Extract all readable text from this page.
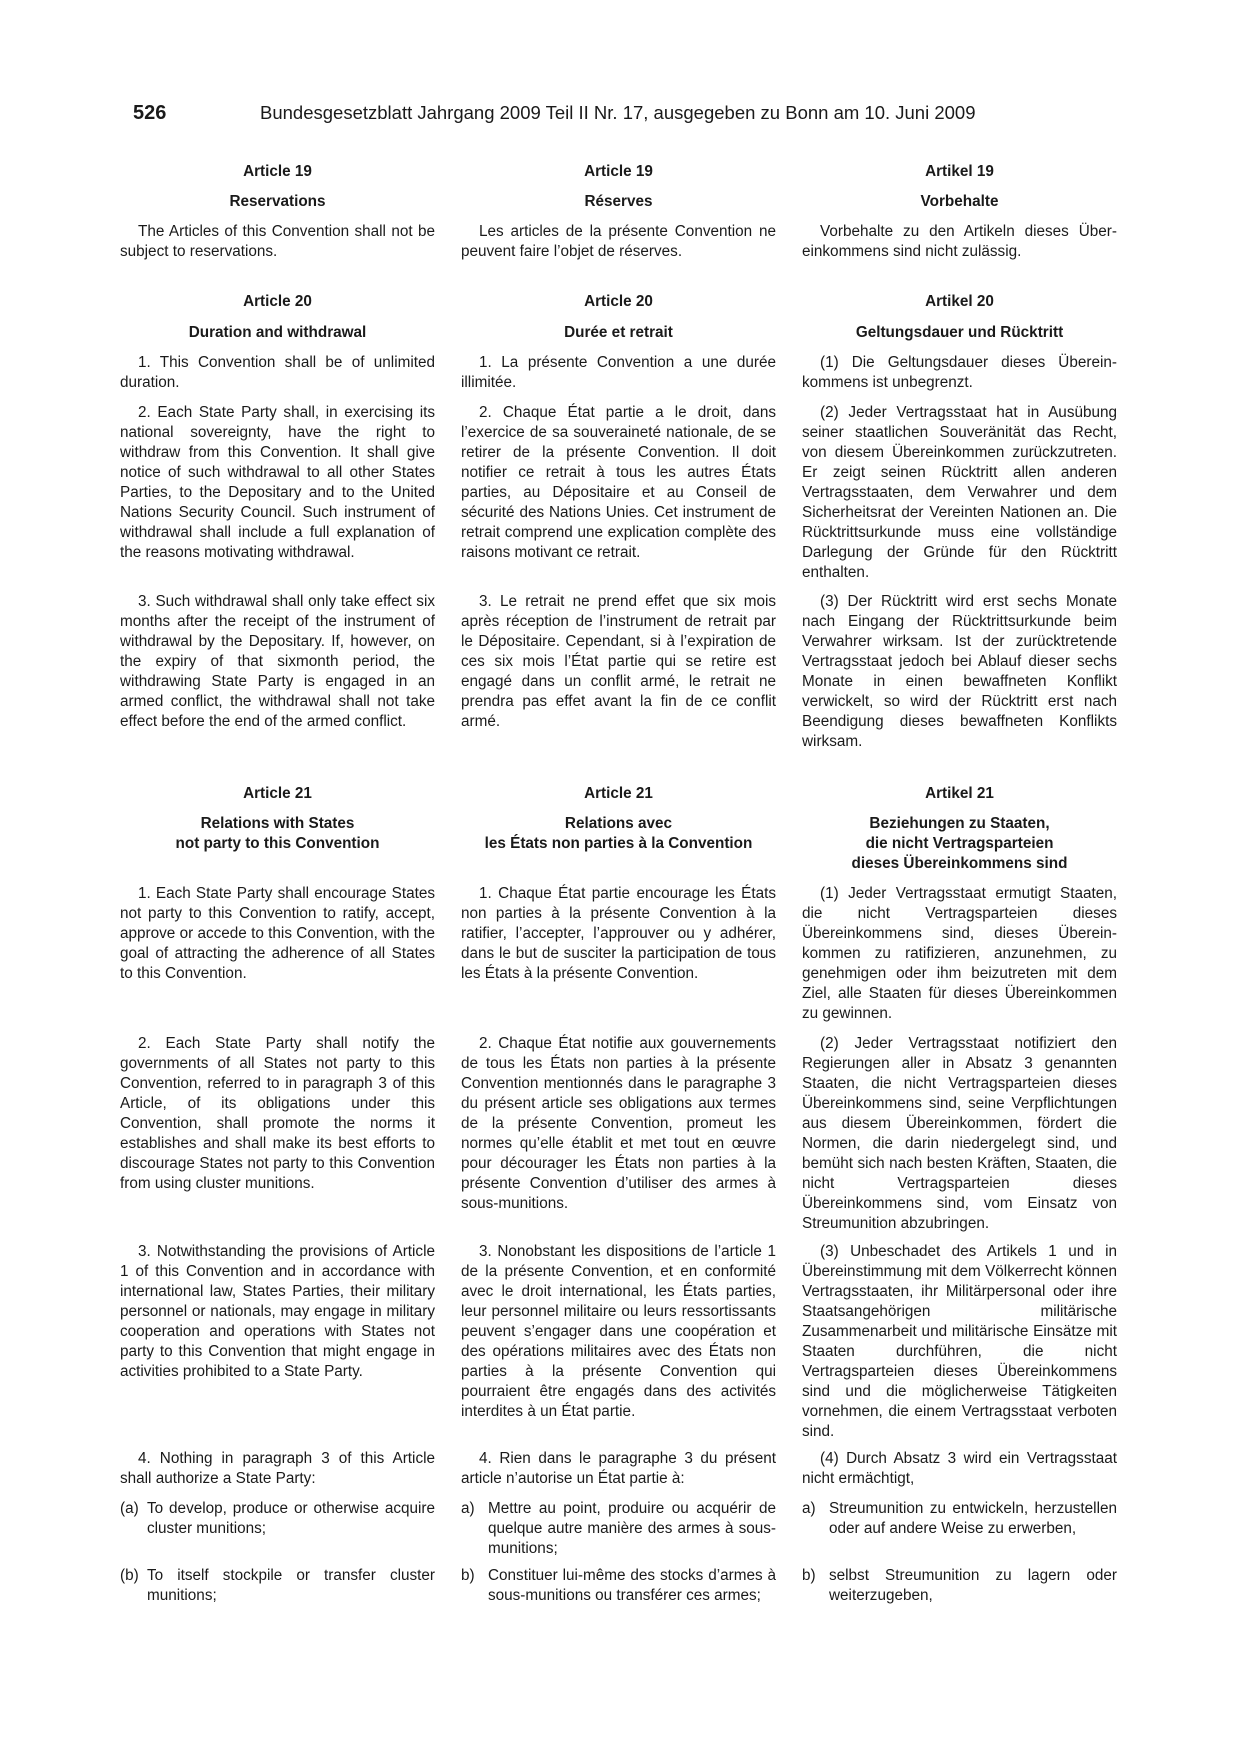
526	Bundesgesetzblatt Jahrgang 2009 Teil II Nr. 17, ausgegeben zu Bonn am 10. Juni 2009

Article 19

Reservations

The Articles of this Convention shall not be subject to reservations.

Article 20

Duration and withdrawal

1. This Convention shall be of unlimited duration.

2. Each State Party shall, in exercising its national sovereignty, have the right to withdraw from this Convention. It shall give notice of such withdrawal to all other States Parties, to the Depositary and to the United Nations Security Council. Such instrument of withdrawal shall include a full explanation of the reasons motivating withdrawal.

3. Such withdrawal shall only take effect six months after the receipt of the instrument of withdrawal by the Depositary. If, however, on the expiry of that sixmonth period, the withdrawing State Party is engaged in an armed conflict, the withdrawal shall not take effect before the end of the armed conflict.

Article 21

Relations with States

not party to this Convention

1. Each State Party shall encourage States not party to this Convention to ratify, accept, approve or accede to this Convention, with the goal of attracting the adherence of all States to this Convention.

2. Each State Party shall notify the governments of all States not party to this Convention, referred to in paragraph 3 of this Article, of its obligations under this Convention, shall promote the norms it establishes and shall make its best efforts to discourage States not party to this Convention from using cluster munitions.

3. Notwithstanding the provisions of Article 1 of this Convention and in accordance with international law, States Parties, their military personnel or nationals, may engage in military cooperation and operations with States not party to this Convention that might engage in activities prohibited to a State Party.

4. Nothing in paragraph 3 of this Article shall authorize a State Party:

(a) To develop, produce or otherwise acquire cluster munitions;
(b) To itself stockpile or transfer cluster munitions;

Article 19

Réserves

Les articles de la présente Convention ne peuvent faire l’objet de réserves.

Article 20

Durée et retrait

1. La présente Convention a une durée illimitée.

2. Chaque État partie a le droit, dans l’exercice de sa souveraineté nationale, de se retirer de la présente Convention. Il doit notifier ce retrait à tous les autres États parties, au Dépositaire et au Conseil de sécurité des Nations Unies. Cet instrument de retrait comprend une explication complète des raisons motivant ce retrait.

3. Le retrait ne prend effet que six mois après réception de l’instrument de retrait par le Dépositaire. Cependant, si à l’expiration de ces six mois l’État partie qui se retire est engagé dans un conflit armé, le retrait ne prendra pas effet avant la fin de ce conflit armé.

Article 21

Relations avec

les États non parties à la Convention

1. Chaque État partie encourage les États non parties à la présente Convention à la ratifier, l’accepter, l’approuver ou y adhérer, dans le but de susciter la participation de tous les États à la présente Convention.

2. Chaque État notifie aux gouvernements de tous les États non parties à la présente Convention mentionnés dans le paragraphe 3 du présent article ses obligations aux termes de la présente Convention, promeut les normes qu’elle établit et met tout en œuvre pour décourager les États non parties à la présente Convention d’utiliser des armes à sous-munitions.

3. Nonobstant les dispositions de l’article 1 de la présente Convention, et en conformité avec le droit international, les États parties, leur personnel militaire ou leurs ressortissants peuvent s’engager dans une coopération et des opérations militaires avec des États non parties à la présente Convention qui pourraient être engagés dans des activités interdites à un État partie.

4. Rien dans le paragraphe 3 du présent article n’autorise un État partie à:

a) Mettre au point, produire ou acquérir de quelque autre manière des armes à sous-munitions;
b) Constituer lui-même des stocks d’armes à sous-munitions ou transférer ces armes;

Artikel 19

Vorbehalte

Vorbehalte zu den Artikeln dieses Übereinkommens sind nicht zulässig.

Artikel 20

Geltungsdauer und Rücktritt

(1) Die Geltungsdauer dieses Übereinkommens ist unbegrenzt.

(2) Jeder Vertragsstaat hat in Ausübung seiner staatlichen Souveränität das Recht, von diesem Übereinkommen zurückzutreten. Er zeigt seinen Rücktritt allen anderen Vertragsstaaten, dem Verwahrer und dem Sicherheitsrat der Vereinten Nationen an. Die Rücktrittsurkunde muss eine vollständige Darlegung der Gründe für den Rücktritt enthalten.

(3) Der Rücktritt wird erst sechs Monate nach Eingang der Rücktrittsurkunde beim Verwahrer wirksam. Ist der zurücktretende Vertragsstaat jedoch bei Ablauf dieser sechs Monate in einen bewaffneten Konflikt verwickelt, so wird der Rücktritt erst nach Beendigung dieses bewaffneten Konflikts wirksam.

Artikel 21

Beziehungen zu Staaten,

die nicht Vertragsparteien

dieses Übereinkommens sind

(1) Jeder Vertragsstaat ermutigt Staaten, die nicht Vertragsparteien dieses Übereinkommens sind, dieses Übereinkommen zu ratifizieren, anzunehmen, zu genehmigen oder ihm beizutreten mit dem Ziel, alle Staaten für dieses Übereinkommen zu gewinnen.

(2) Jeder Vertragsstaat notifiziert den Regierungen aller in Absatz 3 genannten Staaten, die nicht Vertragsparteien dieses Übereinkommens sind, seine Verpflichtungen aus diesem Übereinkommen, fördert die Normen, die darin niedergelegt sind, und bemüht sich nach besten Kräften, Staaten, die nicht Vertragsparteien dieses Übereinkommens sind, vom Einsatz von Streumunition abzubringen.

(3) Unbeschadet des Artikels 1 und in Übereinstimmung mit dem Völkerrecht können Vertragsstaaten, ihr Militärpersonal oder ihre Staatsangehörigen militärische Zusammenarbeit und militärische Einsätze mit Staaten durchführen, die nicht Vertragsparteien dieses Übereinkommens sind und die möglicherweise Tätigkeiten vornehmen, die einem Vertragsstaat verboten sind.

(4) Durch Absatz 3 wird ein Vertragsstaat nicht ermächtigt,

a) Streumunition zu entwickeln, herzustellen oder auf andere Weise zu erwerben,
b) selbst Streumunition zu lagern oder weiterzugeben,
